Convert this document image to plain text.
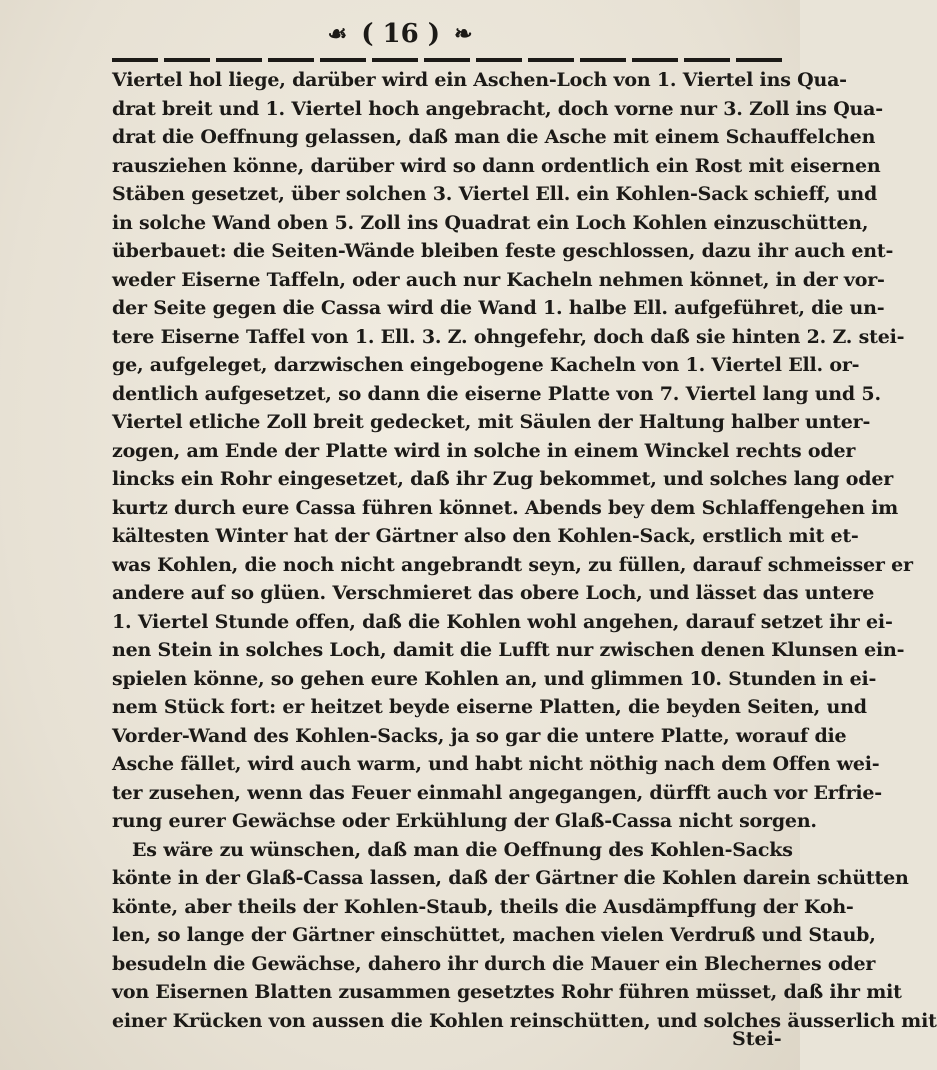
☙ ( 16 ) ❧
Viertel hol liege, darüber wird ein Aschen-Loch von 1. Viertel ins Qua-
drat breit und 1. Viertel hoch angebracht, doch vorne nur 3. Zoll ins Qua-
drat die Oeffnung gelassen, daß man die Asche mit einem Schauffelchen
rausziehen könne, darüber wird so dann ordentlich ein Rost mit eisernen
Stäben gesetzet, über solchen 3. Viertel Ell. ein Kohlen-Sack schieff, und
in solche Wand oben 5. Zoll ins Quadrat ein Loch Kohlen einzuschütten,
überbauet: die Seiten-Wände bleiben feste geschlossen, dazu ihr auch ent-
weder Eiserne Taffeln, oder auch nur Kacheln nehmen könnet, in der vor-
der Seite gegen die Cassa wird die Wand 1. halbe Ell. aufgeführet, die un-
tere Eiserne Taffel von 1. Ell. 3. Z. ohngefehr, doch daß sie hinten 2. Z. stei-
ge, aufgeleget, darzwischen eingebogene Kacheln von 1. Viertel Ell. or-
dentlich aufgesetzet, so dann die eiserne Platte von 7. Viertel lang und 5.
Viertel etliche Zoll breit gedecket, mit Säulen der Haltung halber unter-
zogen, am Ende der Platte wird in solche in einem Winckel rechts oder
lincks ein Rohr eingesetzet, daß ihr Zug bekommet, und solches lang oder
kurtz durch eure Cassa führen könnet. Abends bey dem Schlaffengehen im
kältesten Winter hat der Gärtner also den Kohlen-Sack, erstlich mit et-
was Kohlen, die noch nicht angebrandt seyn, zu füllen, darauf schmeisser er
andere auf so glüen. Verschmieret das obere Loch, und lässet das untere
1. Viertel Stunde offen, daß die Kohlen wohl angehen, darauf setzet ihr ei-
nen Stein in solches Loch, damit die Lufft nur zwischen denen Klunsen ein-
spielen könne, so gehen eure Kohlen an, und glimmen 10. Stunden in ei-
nem Stück fort: er heitzet beyde eiserne Platten, die beyden Seiten, und
Vorder-Wand des Kohlen-Sacks, ja so gar die untere Platte, worauf die
Asche fället, wird auch warm, und habt nicht nöthig nach dem Offen wei-
ter zusehen, wenn das Feuer einmahl angegangen, dürfft auch vor Erfrie-
rung eurer Gewächse oder Erkühlung der Glaß-Cassa nicht sorgen.
Es wäre zu wünschen, daß man die Oeffnung des Kohlen-Sacks
könte in der Glaß-Cassa lassen, daß der Gärtner die Kohlen darein schütten
könte, aber theils der Kohlen-Staub, theils die Ausdämpffung der Koh-
len, so lange der Gärtner einschüttet, machen vielen Verdruß und Staub,
besudeln die Gewächse, dahero ihr durch die Mauer ein Blechernes oder
von Eisernen Blatten zusammen gesetztes Rohr führen müsset, daß ihr mit
einer Krücken von aussen die Kohlen reinschütten, und solches äusserlich mit
Stei-
